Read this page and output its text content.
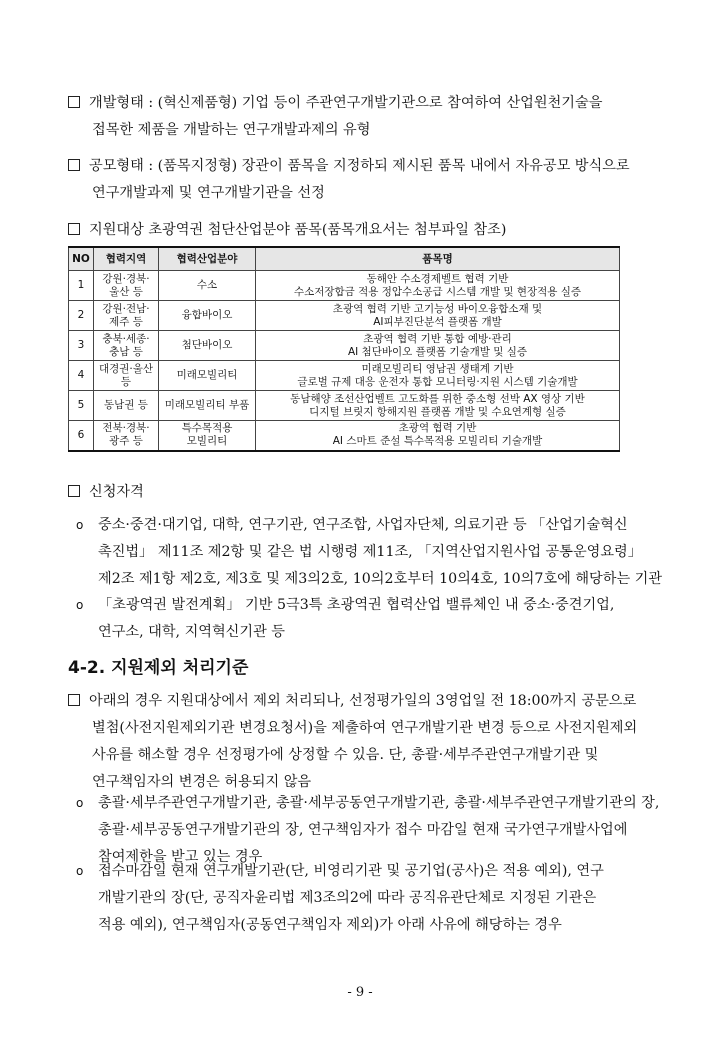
개발형태 : (혁신제품형) 기업 등이 주관연구개발기관으로 참여하여 산업원천기술을
접목한 제품을 개발하는 연구개발과제의 유형
공모형태 : (품목지정형) 장관이 품목을 지정하되 제시된 품목 내에서 자유공모 방식으로
연구개발과제 및 연구개발기관을 선정
지원대상 초광역권 첨단산업분야 품목(품목개요서는 첨부파일 참조)
NO	협력지역	협력산업분야	품목명

1	강원·경북·
울산 등	수소	동해안 수소경제벨트 협력 기반
수소저장합금 적용 정압수소공급 시스템 개발 및 현장적용 실증

2	강원·전남·
제주 등	융합바이오	초광역 협력 기반 고기능성 바이오융합소재 및
AI피부진단분석 플랫폼 개발

3	충북·세종·
충남 등	첨단바이오	초광역 협력 기반 통합 예방·관리
AI 첨단바이오 플랫폼 기술개발 및 실증

4	대경권·울산
등	미래모빌리티	미래모빌리티 영남권 생태계 기반
글로벌 규제 대응 운전자 통합 모니터링·지원 시스템 기술개발

5	동남권 등	미래모빌리티 부품	동남해양 조선산업벨트 고도화를 위한 중소형 선박 AX 영상 기반
디지털 브릿지 항해지원 플랫폼 개발 및 수요연계형 실증

6	전북·경북·
광주 등	특수목적용
모빌리티	초광역 협력 기반
AI 스마트 준설 특수목적용 모빌리티 기술개발
신청자격
o 중소·중견·대기업, 대학, 연구기관, 연구조합, 사업자단체, 의료기관 등 「산업기술혁신
촉진법」 제11조 제2항 및 같은 법 시행령 제11조, 「지역산업지원사업 공통운영요령」
제2조 제1항 제2호, 제3호 및 제3의2호, 10의2호부터 10의4호, 10의7호에 해당하는 기관
o 「초광역권 발전계획」 기반 5극3특 초광역권 협력산업 밸류체인 내 중소·중견기업,
연구소, 대학, 지역혁신기관 등
4-2. 지원제외 처리기준
아래의 경우 지원대상에서 제외 처리되나, 선정평가일의 3영업일 전 18:00까지 공문으로
별첨(사전지원제외기관 변경요청서)을 제출하여 연구개발기관 변경 등으로 사전지원제외
사유를 해소할 경우 선정평가에 상정할 수 있음. 단, 총괄·세부주관연구개발기관 및
연구책임자의 변경은 허용되지 않음
o 총괄·세부주관연구개발기관, 총괄·세부공동연구개발기관, 총괄·세부주관연구개발기관의 장,
총괄·세부공동연구개발기관의 장, 연구책임자가 접수 마감일 현재 국가연구개발사업에
참여제한을 받고 있는 경우
o 접수마감일 현재 연구개발기관(단, 비영리기관 및 공기업(공사)은 적용 예외), 연구
개발기관의 장(단, 공직자윤리법 제3조의2에 따라 공직유관단체로 지정된 기관은
적용 예외), 연구책임자(공동연구책임자 제외)가 아래 사유에 해당하는 경우
- 9 -
